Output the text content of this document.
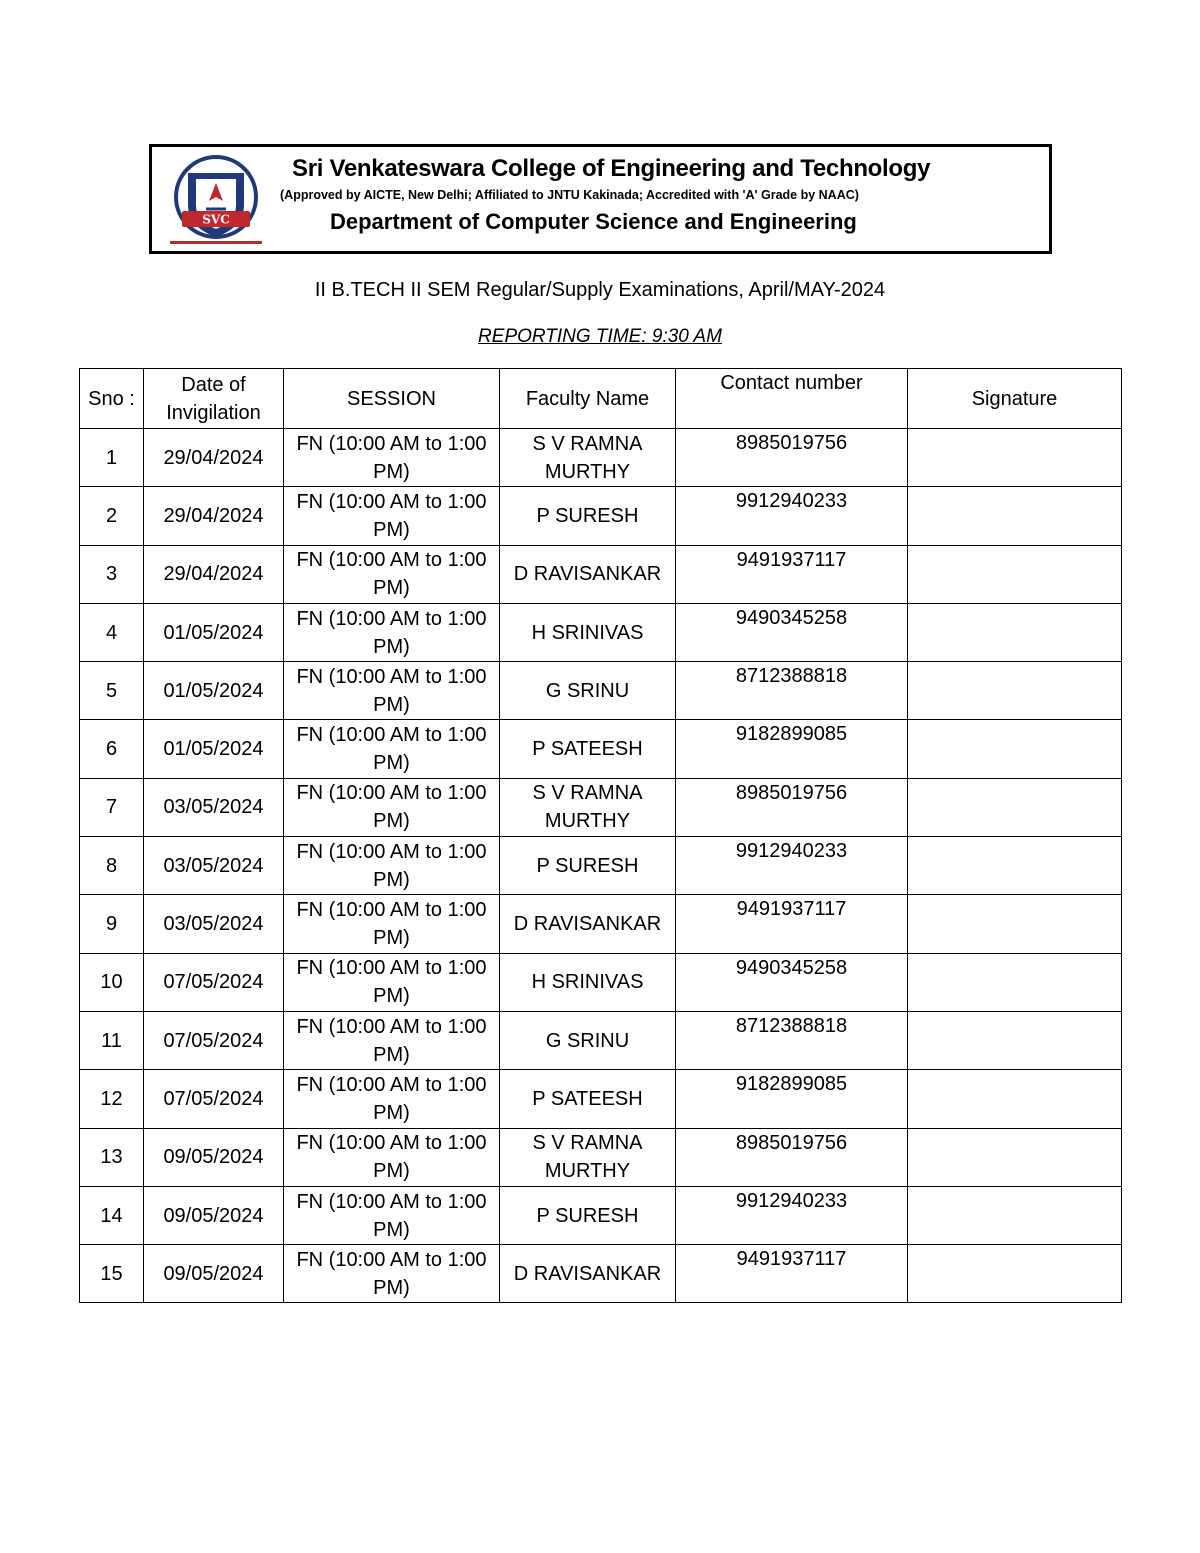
SVC
Sri Venkateswara College of Engineering and Technology
(Approved by AICTE, New Delhi; Affiliated to JNTU Kakinada; Accredited with 'A' Grade by NAAC)
Department of Computer Science and Engineering
II B.TECH II SEM Regular/Supply Examinations, April/MAY-2024
REPORTING TIME: 9:30 AM
Sno :	Date of Invigilation	SESSION	Faculty Name	Contact number	Signature
1	29/04/2024	FN (10:00 AM to 1:00 PM)	S V RAMNA MURTHY	8985019756	
2	29/04/2024	FN (10:00 AM to 1:00 PM)	P SURESH	9912940233	
3	29/04/2024	FN (10:00 AM to 1:00 PM)	D RAVISANKAR	9491937117	
4	01/05/2024	FN (10:00 AM to 1:00 PM)	H SRINIVAS	9490345258	
5	01/05/2024	FN (10:00 AM to 1:00 PM)	G SRINU	8712388818	
6	01/05/2024	FN (10:00 AM to 1:00 PM)	P SATEESH	9182899085	
7	03/05/2024	FN (10:00 AM to 1:00 PM)	S V RAMNA MURTHY	8985019756	
8	03/05/2024	FN (10:00 AM to 1:00 PM)	P SURESH	9912940233	
9	03/05/2024	FN (10:00 AM to 1:00 PM)	D RAVISANKAR	9491937117	
10	07/05/2024	FN (10:00 AM to 1:00 PM)	H SRINIVAS	9490345258	
11	07/05/2024	FN (10:00 AM to 1:00 PM)	G SRINU	8712388818	
12	07/05/2024	FN (10:00 AM to 1:00 PM)	P SATEESH	9182899085	
13	09/05/2024	FN (10:00 AM to 1:00 PM)	S V RAMNA MURTHY	8985019756	
14	09/05/2024	FN (10:00 AM to 1:00 PM)	P SURESH	9912940233	
15	09/05/2024	FN (10:00 AM to 1:00 PM)	D RAVISANKAR	9491937117	
